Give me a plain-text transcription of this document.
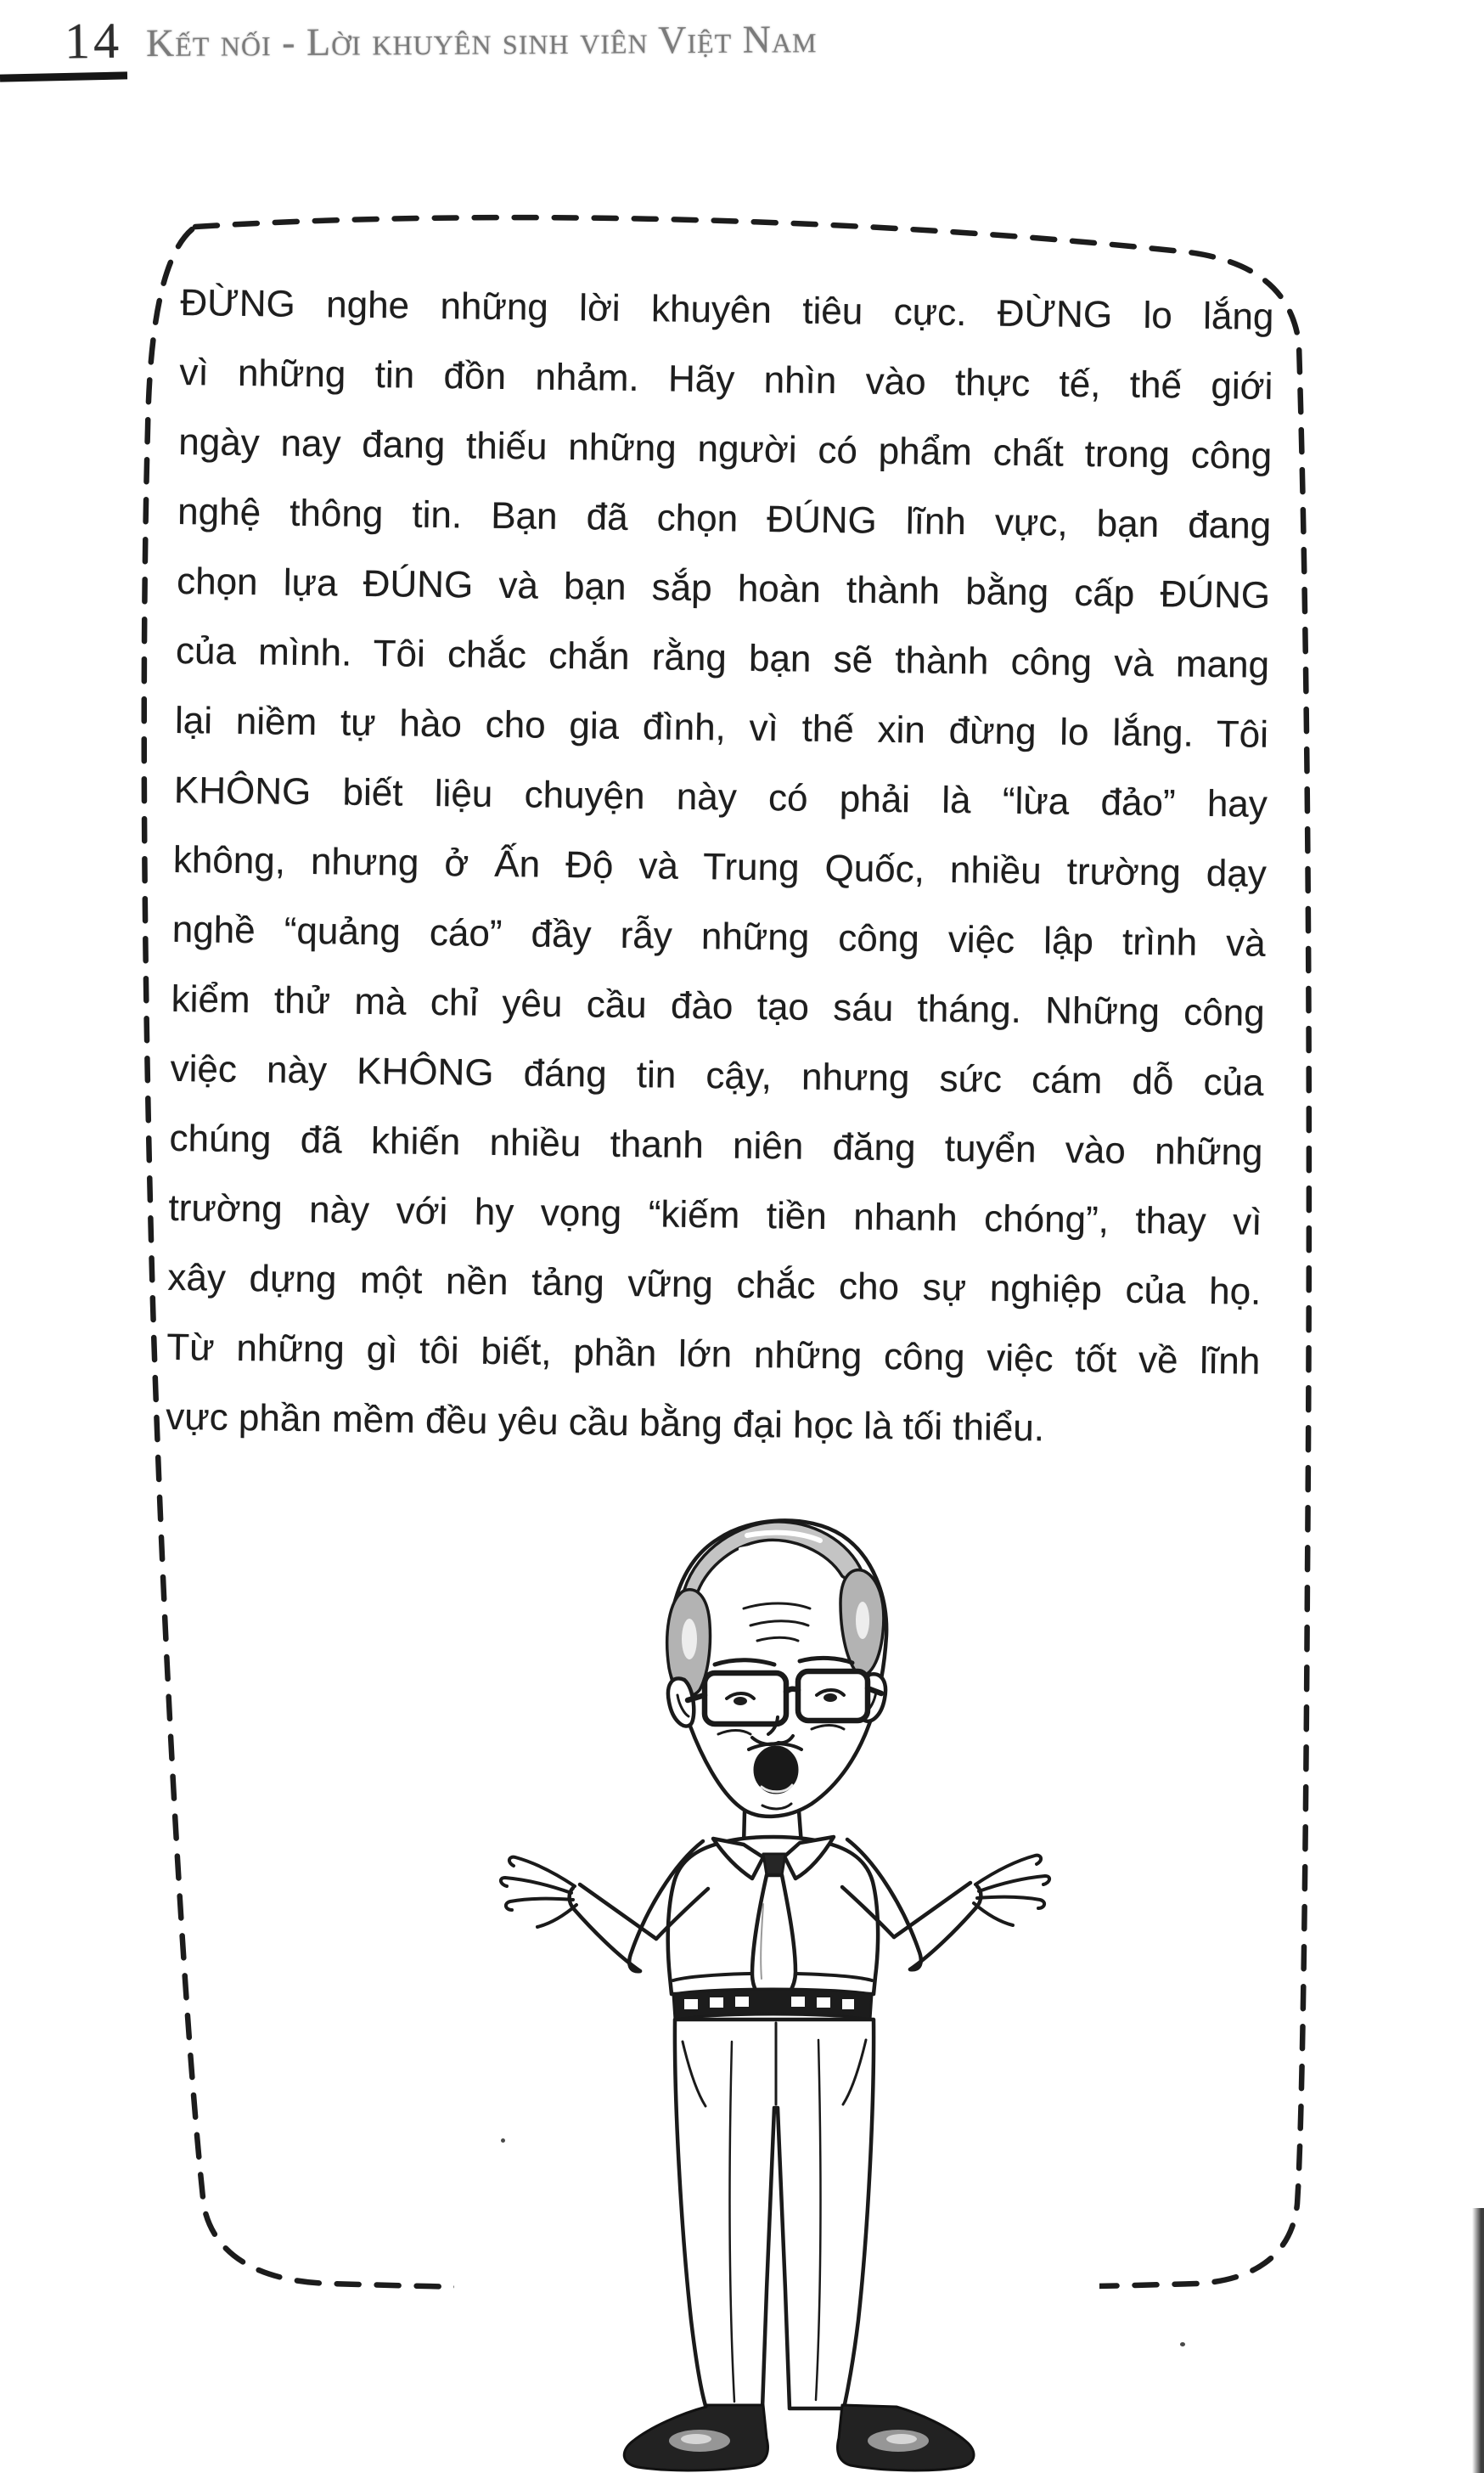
14 Kết nối - Lời khuyên sinh viên Việt Nam
ĐỪNG nghe những lời khuyên tiêu cực. ĐỪNG lo lắng
vì những tin đồn nhảm. Hãy nhìn vào thực tế, thế giới
ngày nay đang thiếu những người có phẩm chất trong công
nghệ thông tin. Bạn đã chọn ĐÚNG lĩnh vực, bạn đang
chọn lựa ĐÚNG và bạn sắp hoàn thành bằng cấp ĐÚNG
của mình. Tôi chắc chắn rằng bạn sẽ thành công và mang
lại niềm tự hào cho gia đình, vì thế xin đừng lo lắng. Tôi
KHÔNG biết liệu chuyện này có phải là “lừa đảo” hay
không, nhưng ở Ấn Độ và Trung Quốc, nhiều trường dạy
nghề “quảng cáo” đầy rẫy những công việc lập trình và
kiểm thử mà chỉ yêu cầu đào tạo sáu tháng. Những công
việc này KHÔNG đáng tin cậy, nhưng sức cám dỗ của
chúng đã khiến nhiều thanh niên đăng tuyển vào những
trường này với hy vọng “kiếm tiền nhanh chóng”, thay vì
xây dựng một nền tảng vững chắc cho sự nghiệp của họ.
Từ những gì tôi biết, phần lớn những công việc tốt về lĩnh
vực phần mềm đều yêu cầu bằng đại học là tối thiểu.
